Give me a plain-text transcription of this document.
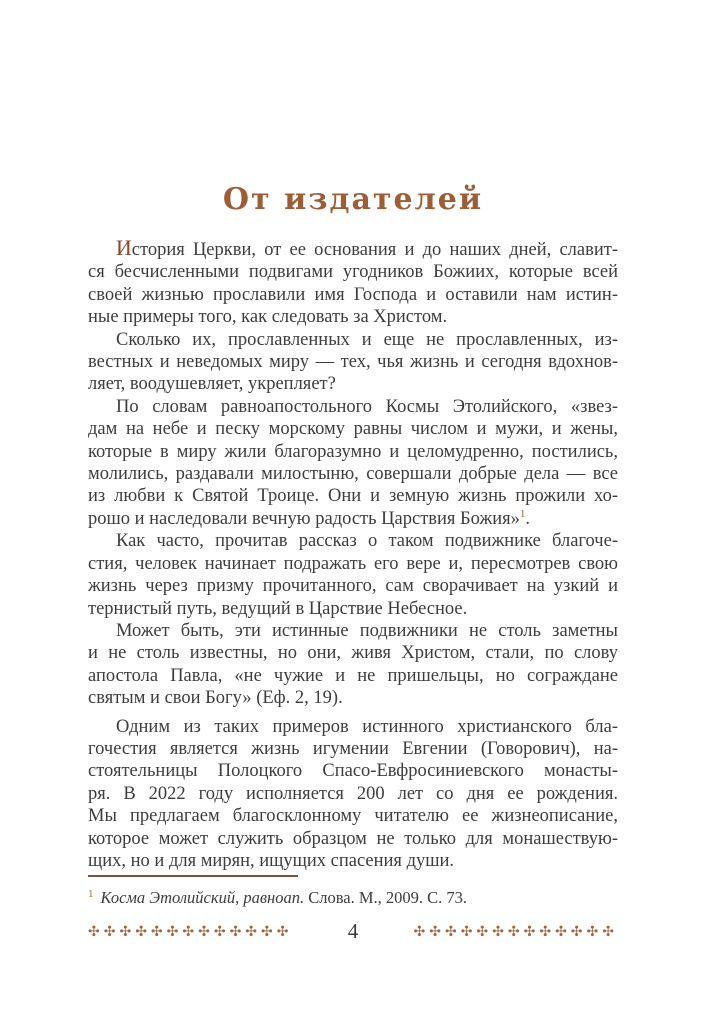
От издателей
История Церкви, от ее основания и до наших дней, славит-
ся бесчисленными подвигами угодников Божиих, которые всей
своей жизнью прославили имя Господа и оставили нам истин-
ные примеры того, как следовать за Христом.
Сколько их, прославленных и еще не прославленных, из-
вестных и неведомых миру — тех, чья жизнь и сегодня вдохнов-
ляет, воодушевляет, укрепляет?
По словам равноапостольного Космы Этолийского, «звез-
дам на небе и песку морскому равны числом и мужи, и жены,
которые в миру жили благоразумно и целомудренно, постились,
молились, раздавали милостыню, совершали добрые дела — все
из любви к Святой Троице. Они и земную жизнь прожили хо-
рошо и наследовали вечную радость Царствия Божия»$^1$.
Как часто, прочитав рассказ о таком подвижнике благоче-
стия, человек начинает подражать его вере и, пересмотрев свою
жизнь через призму прочитанного, сам сворачивает на узкий и
тернистый путь, ведущий в Царствие Небесное.
Может быть, эти истинные подвижники не столь заметны
и не столь известны, но они, живя Христом, стали, по слову
апостола Павла, «не чужие и не пришельцы, но сограждане
святым и свои Богу» (Еф. 2, 19).
Одним из таких примеров истинного христианского бла-
гочестия является жизнь игумении Евгении (Говорович), на-
стоятельницы Полоцкого Спасо-Евфросиниевского монасты-
ря. В 2022 году исполняется 200 лет со дня ее рождения.
Мы предлагаем благосклонному читателю ее жизнеописание,
которое может служить образцом не только для монашествую-
щих, но и для мирян, ищущих спасения души.
$^1$ Косма Этолийский, равноап. Слова. М., 2009. С. 73.
✣✣✣✣✣✣✣✣✣✣✣✣✣	4	✣✣✣✣✣✣✣✣✣✣✣✣✣
